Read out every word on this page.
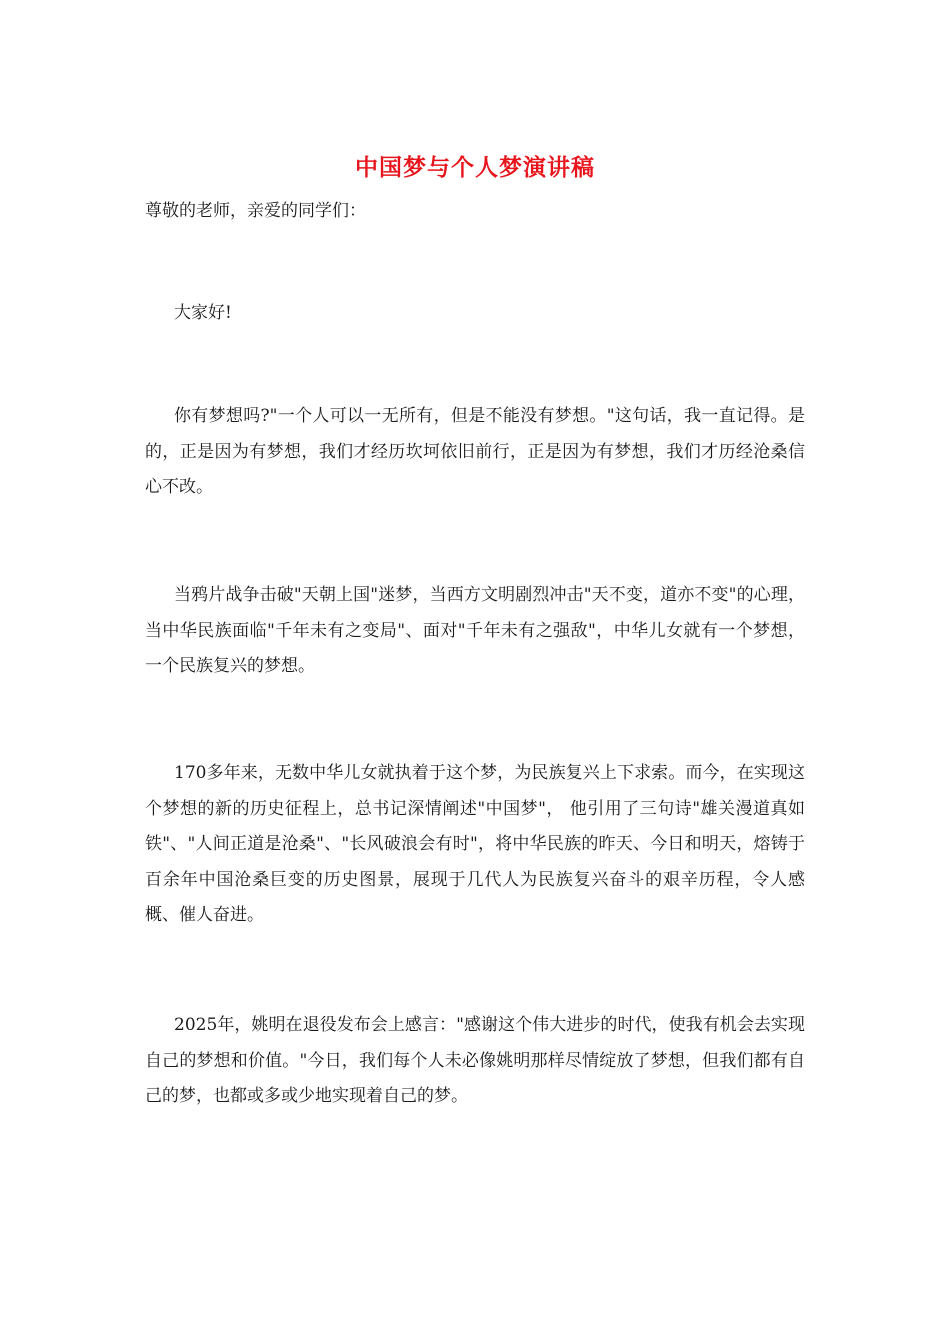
中国梦与个人梦演讲稿
尊敬的老师，亲爱的同学们：
大家好!

你有梦想吗?"一个人可以一无所有，但是不能没有梦想。"这句话，我一直记得。是的，正是因为有梦想，我们才经历坎坷依旧前行，正是因为有梦想，我们才历经沧桑信心不改。

当鸦片战争击破"天朝上国"迷梦，当西方文明剧烈冲击"天不变，道亦不变"的心理，当中华民族面临"千年未有之变局"、面对"千年未有之强敌"，中华儿女就有一个梦想，一个民族复兴的梦想。

170多年来，无数中华儿女就执着于这个梦，为民族复兴上下求索。而今，在实现这个梦想的新的历史征程上，总书记深情阐述"中国梦"， 他引用了三句诗"雄关漫道真如铁"、"人间正道是沧桑"、"长风破浪会有时"，将中华民族的昨天、今日和明天，熔铸于百余年中国沧桑巨变的历史图景，展现于几代人为民族复兴奋斗的艰辛历程，令人感概、催人奋进。

2025年，姚明在退役发布会上感言："感谢这个伟大进步的时代，使我有机会去实现自己的梦想和价值。"今日，我们每个人未必像姚明那样尽情绽放了梦想，但我们都有自己的梦，也都或多或少地实现着自己的梦。
